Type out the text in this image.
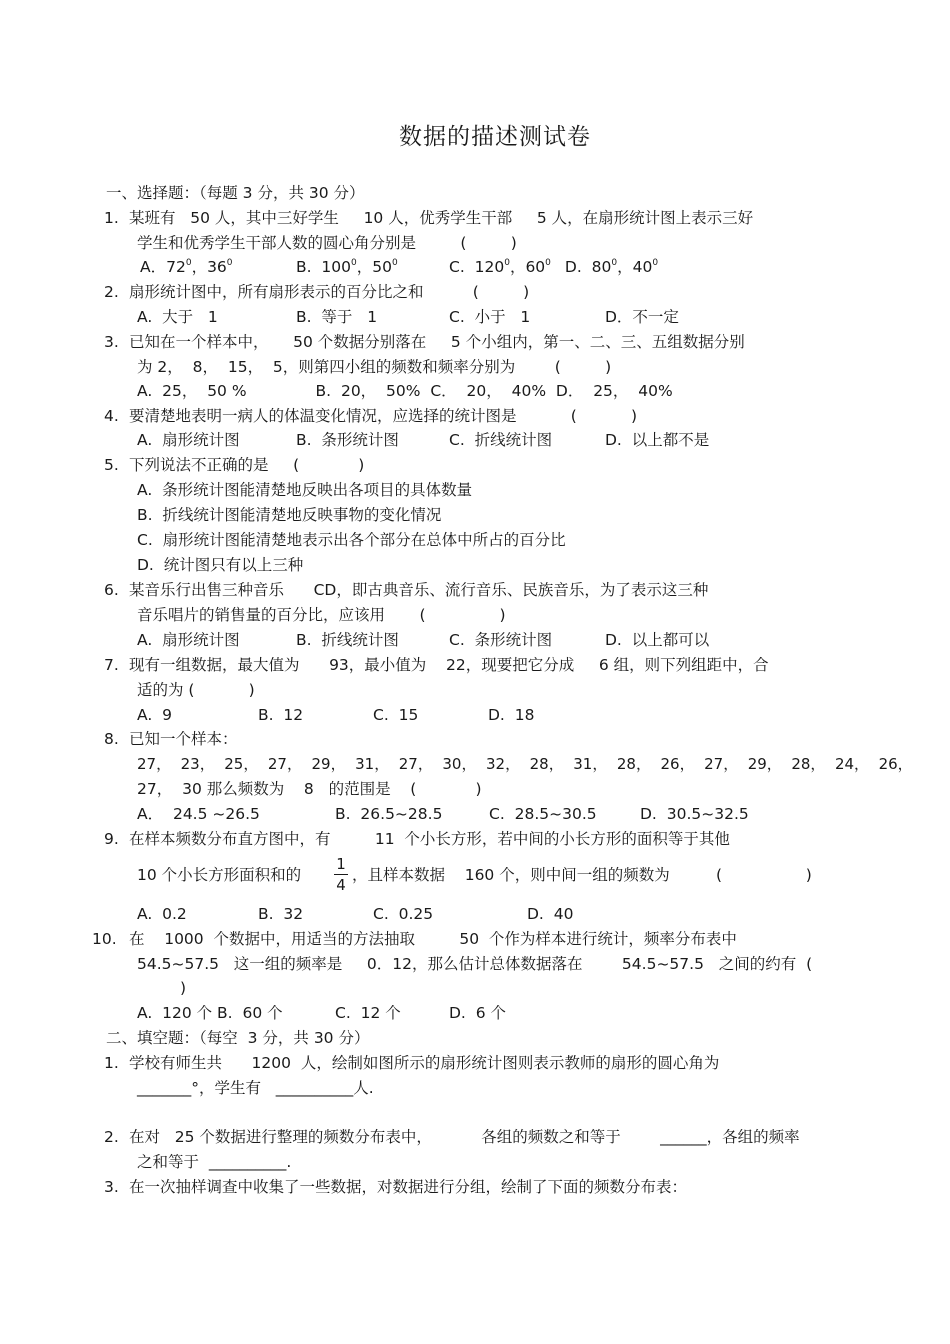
数据的描述测试卷
一、选择题：（每题 3 分，共 30 分）
1. 某班有   50 人，其中三好学生     10 人，优秀学生干部     5 人，在扇形统计图上表示三好
学生和优秀学生干部人数的圆心角分别是         (         )
A．$72^0$，$36^0$	B.  $100^0$，$50^0$	C.  $120^0$，$60^0$ D.  $80^0$，$40^0$
2. 扇形统计图中，所有扇形表示的百分比之和          (         )
A.  大于   1	B.  等于   1	C.  小于   1	D．不一定
3. 已知在一个样本中，     50 个数据分别落在     5 个小组内，第一、二、三、五组数据分别
为 2，  8，  15，  5，则第四小组的频数和频率分别为        (         )
A.  25，  50 %              B.  20，  50%  C．  20，  40%  D．  25，  40%
4. 要清楚地表明一病人的体温变化情况，应选择的统计图是           (           )
A.  扇形统计图	B.  条形统计图	C.  折线统计图	D.  以上都不是
5. 下列说法不正确的是     (            )
A.  条形统计图能清楚地反映出各项目的具体数量
B.  折线统计图能清楚地反映事物的变化情况
C.  扇形统计图能清楚地表示出各个部分在总体中所占的百分比
D.  统计图只有以上三种
6. 某音乐行出售三种音乐      CD，即古典音乐、流行音乐、民族音乐，为了表示这三种
音乐唱片的销售量的百分比，应该用       (               )
A.  扇形统计图	B.  折线统计图	C.  条形统计图	D.  以上都可以
7. 现有一组数据，最大值为      93，最小值为    22，现要把它分成     6 组，则下列组距中，合
适的为 (           )
A.  9	B.  12	C.  15	D.  18
8. 已知一个样本：
27，  23，  25，  27，  29，  31，  27，  30，  32，  28，  31，  28，  26，  27，  29，  28，  24，  26，
27，  30 那么频数为    8   的范围是    (            )
A．  24.5 ~26.5	B.  26.5~28.5	C.  28.5~30.5	D.  30.5~32.5
9. 在样本频数分布直方图中，有         11  个小长方形，若中间的小长方形的面积等于其他
10 个小长方形面积和的
1
4
，且样本数据    160 个，则中间一组的频数为	(                 )
A.  0.2	B.  32	C.  0.25	D.  40
10. 在    1000  个数据中，用适当的方法抽取         50  个作为样本进行统计，频率分布表中
54.5~57.5   这一组的频率是     0．12，那么估计总体数据落在        54.5~57.5   之间的约有  (
)
A.  120 个 B.  60 个	C.  12 个	D.  6 个
二、填空题：（每空  3 分，共 30 分）
1. 学校有师生共      1200  人，绘制如图所示的扇形统计图则表示教师的扇形的圆心角为
_______°，学生有   __________人.
2. 在对   25 个数据进行整理的频数分布表中，          各组的频数之和等于        ______，各组的频率
之和等于  __________.
3. 在一次抽样调查中收集了一些数据，对数据进行分组，绘制了下面的频数分布表：
